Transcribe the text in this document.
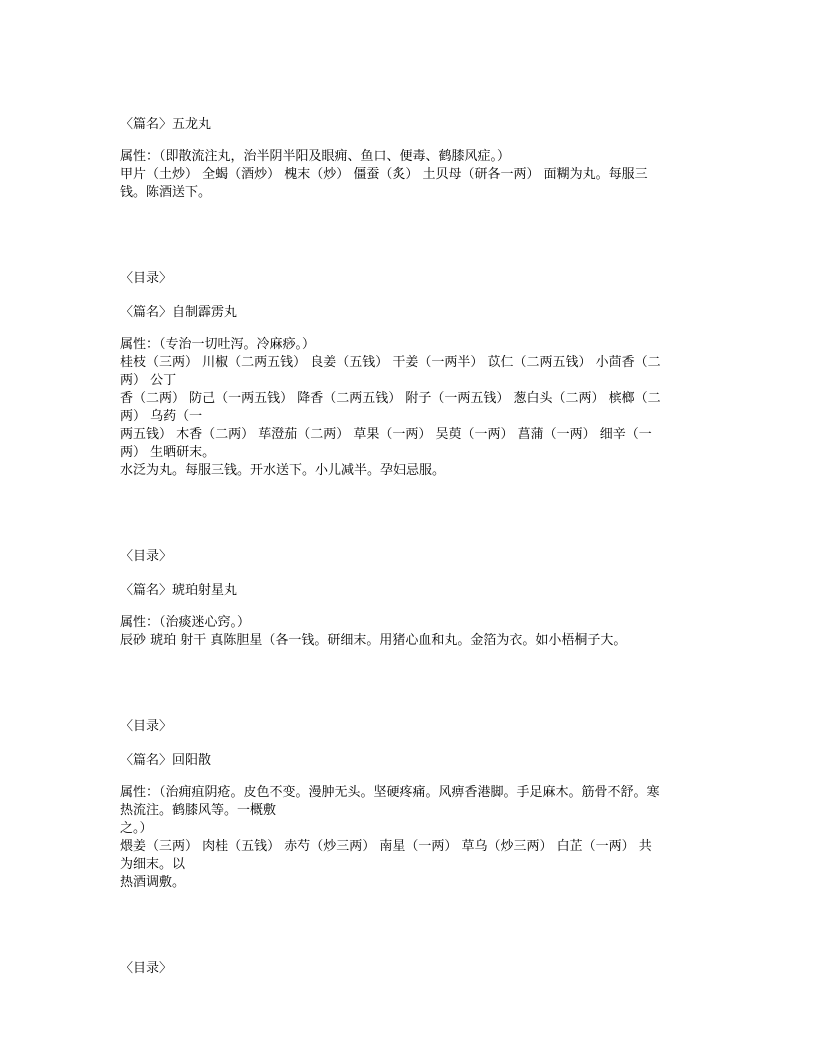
〈篇名〉五龙丸
属性：（即散流注丸，治半阴半阳及眼痈、鱼口、便毒、鹤膝风症。）
甲片（土炒） 全蝎（酒炒） 槐末（炒） 僵蚕（炙） 土贝母（研各一两） 面糊为丸。每服三
钱。陈酒送下。
〈目录〉
〈篇名〉自制霹雳丸
属性：（专治一切吐泻。冷麻痧。）
桂枝（三两） 川椒（二两五钱） 良姜（五钱） 干姜（一两半） 苡仁（二两五钱） 小茴香（二
两） 公丁
香（二两） 防己（一两五钱） 降香（二两五钱） 附子（一两五钱） 葱白头（二两） 槟榔（二
两） 乌药（一
两五钱） 木香（二两） 荜澄茄（二两） 草果（一两） 吴萸（一两） 菖蒲（一两） 细辛（一
两） 生晒研末。
水泛为丸。每服三钱。开水送下。小儿减半。孕妇忌服。
〈目录〉
〈篇名〉琥珀射星丸
属性：（治痰迷心窍。）
辰砂 琥珀 射干 真陈胆星（各一钱。研细末。用猪心血和丸。金箔为衣。如小梧桐子大。
〈目录〉
〈篇名〉回阳散
属性：（治痈疽阴疮。皮色不变。漫肿无头。坚硬疼痛。风痹香港脚。手足麻木。筋骨不舒。寒
热流注。鹤膝风等。一概敷
之。）
煨姜（三两） 肉桂（五钱） 赤芍（炒三两） 南星（一两） 草乌（炒三两） 白芷（一两） 共
为细末。以
热酒调敷。
〈目录〉
